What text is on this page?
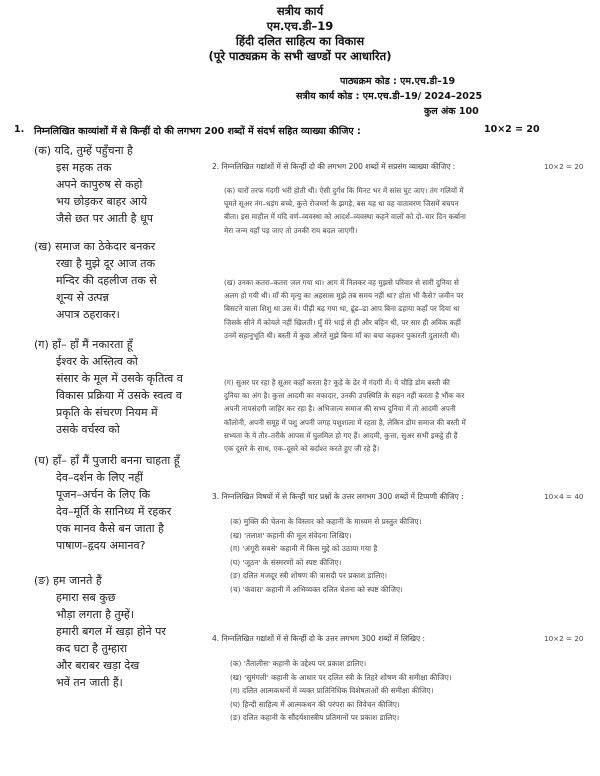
सत्रीय कार्य
एम.एच.डी–19
हिंदी दलित साहित्य का विकास
(पूरे पाठ्यक्रम के सभी खण्डों पर आधारित)
पाठ्यक्रम कोड : एम.एच.डी–19
सत्रीय कार्य कोड : एम.एच.डी–19/ 2024–2025
कुल अंक 100
1. निम्नलिखित काव्यांशों में से किन्हीं दो की लगभग 200 शब्दों में संदर्भ सहित व्याख्या कीजिए :	10×2 = 20
(क) यदि, तुम्हें पहुँचना है
इस महक तक
अपने कापुरुष से कहो
भय छोड़कर बाहर आये
जैसे छत पर आती है धूप
(ख) समाज का ठेकेदार बनकर
रखा है मुझे दूर आज तक
मन्दिर की दहलीज तक से
शून्य से उत्पन्न
अपात्र ठहराकर।
(ग) हाँ– हाँ मैं नकारता हूँ
ईश्वर के अस्तित्व को
संसार के मूल में उसके कृतित्व व
विकास प्रक्रिया में उसके स्वत्व व
प्रकृति के संचरण नियम में
उसके वर्चस्व को
(घ) हाँ– हाँ मैं पुजारी बनना चाहता हूँ
देव–दर्शन के लिए नहीं
पूजन–अर्चन के लिए कि
देव–मूर्ति के सानिध्य में रहकर
एक मानव कैसे बन जाता है
पाषाण–हृदय अमानव?
(ङ) हम जानते हैं
हमारा सब कुछ
भौड़ा लगता है तुम्हें।
हमारी बगल में खड़ा होने पर
कद घटा है तुम्हारा
और बराबर खड़ा देख
भवें तन जाती हैं।
2. निम्नलिखित गद्यांशों में से किन्हीं दो की लगभग 200 शब्दों में सप्रसंग व्याख्या कीजिए :	10×2 = 20
(क) चारों तरफ गंदगी भरी होती थी। ऐसी दुर्गंध कि मिनट भर में सांस घुट जाए। तंग गलियों में
घूमते सूअर नंग–धड़ंग बच्चे, कुत्ते रोजमर्रा के झगड़े, बस यह था वह वातावरण जिसमें बचपन
बीता। इस माहौल में यदि वर्ण–व्यवस्था को आदर्श–व्यवस्था कहने वालों को दो–चार दिन कर्बाना
मेरा जन्म यहाँ पड़ जाए तो उनकी राय बदल जाएगी।
(ख) उनका कतरा–कतरा जल गया था। आग में निलकर वह मुझसे परिवार से सारी दुनिया से
अलग हो गयी थी। माँ की मृत्यु का अहसास मुझे तब समय नहीं था? होता भी कैसे? जमीन पर
बिसटने वाला शिशु था उस में। पीढ़ी बढ़ गया था, ढूंढ–ढा आप बिना ढहाया कहाँ पर दिया था
जिसके सीने में कोयले नहीं खिलती। मुँ मेरे भाई से ही और बहिन थी, पर सार ही अविक कहीं
उनमें सहानुभूति थी। बस्ती में कुछ औरतें मुझे बिना माँ का बचा कहकर पुकारती दुलारती थी।
(ग) सुअर पर रहा है सूअर कहाँ करता है? कूड़े के ढेर में गंदगी में। ये चौड़ि डोम बस्ती की
दुनिया का अंग है। कुत्ता आदमी का वफादार, उनकी उपस्थिति के सहन नहीं करता है भौंक कर
अपनी नापसंदगी जाहिर कर रहा है। अभिजात्य समाज की सभ्य दुनिया में तो आदमी अपनी
कॉलोनी, अपनी समूह में पशु अपनी जगह पशुशाला में रहता है, लेकिन डोम समाज की बस्ती में
सभ्यता के ये तौर–तरीके आपस में घुलमिल हो गए हैं। आदमी, कुत्ता, सुअर सभी इकट्ठे ही हैं
एक दूसरे के साथ, एक–दूसरे को बर्दाश्त करते हुए जी रहे हैं।
3. निम्नलिखित विषयों में से किन्हीं चार प्रश्नों के उत्तर लगभग 300 शब्दों में टिप्पणी कीजिए :	10×4 = 40
(क) मुक्ति की चेतना के विस्तार को कहानी के माध्यम से प्रस्तुत कीजिए।
(ख) 'तलाश' कहानी की मूल संवेदना लिखिए।
(ग) 'अंगूरी सबसे' कहानी में किस मुद्दे को उठाया गया है
(घ) 'जूठन' के संस्मरणों को स्पष्ट कीजिए।
(ङ) दलित मजदूर स्त्री शोषण की त्रासदी पर प्रकाश डालिए।
(च) 'कंवारा' कहानी में अभिव्यक्त दलित चेतना को स्पष्ट कीजिए।
4. निम्नलिखित गद्यांशों में से किन्हीं दो के उत्तर लगभग 300 शब्दों में लिखिए :	10×2 = 20
(क) 'तैंतालीस' कहानी के उद्देश्य पर प्रकाश डालिए।
(ख) 'सुमंगली' कहानी के आधार पर दलित स्त्री के तिहरे शोषण की समीक्षा कीजिए।
(ग) दलित आत्मकथनों में व्यक्त प्रातिनिधिक विशेषताओं की समीक्षा कीजिए।
(घ) हिन्दी साहित्य में आत्मकथन की परंपरा का विवेचन कीजिए।
(ङ) दलित कहानी के सौंदर्यशास्त्रीय प्रतिमानों पर प्रकाश डालिए।
